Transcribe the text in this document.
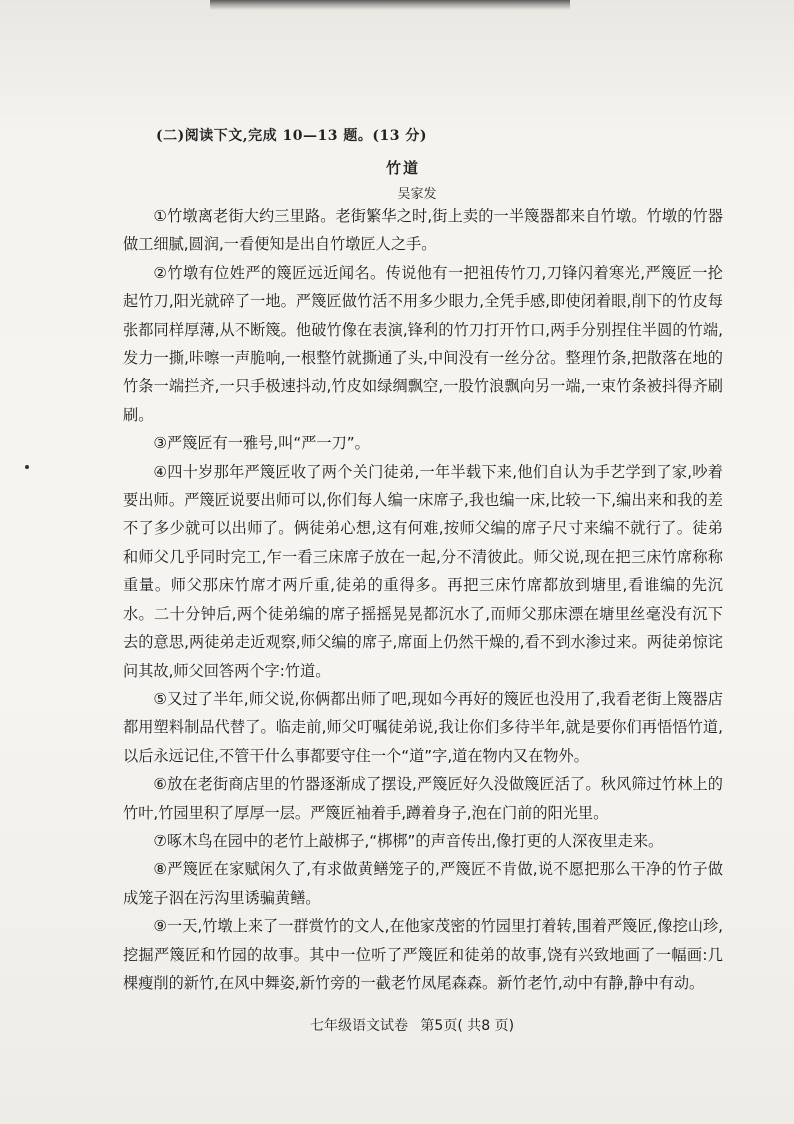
(二)阅读下文,完成 10—13 题。(13 分)
竹道
吴家发

①竹墩离老街大约三里路。老街繁华之时,街上卖的一半篾器都来自竹墩。竹墩的竹器做工细腻,圆润,一看便知是出自竹墩匠人之手。

②竹墩有位姓严的篾匠远近闻名。传说他有一把祖传竹刀,刀锋闪着寒光,严篾匠一抡起竹刀,阳光就碎了一地。严篾匠做竹活不用多少眼力,全凭手感,即使闭着眼,削下的竹皮每张都同样厚薄,从不断篾。他破竹像在表演,锋利的竹刀打开竹口,两手分别捏住半圆的竹端,发力一撕,咔嚓一声脆响,一根整竹就撕通了头,中间没有一丝分岔。整理竹条,把散落在地的竹条一端拦齐,一只手极速抖动,竹皮如绿绸飘空,一股竹浪飘向另一端,一束竹条被抖得齐刷刷。

③严篾匠有一雅号,叫“严一刀”。

④四十岁那年严篾匠收了两个关门徒弟,一年半载下来,他们自认为手艺学到了家,吵着要出师。严篾匠说要出师可以,你们每人编一床席子,我也编一床,比较一下,编出来和我的差不了多少就可以出师了。俩徒弟心想,这有何难,按师父编的席子尺寸来编不就行了。徒弟和师父几乎同时完工,乍一看三床席子放在一起,分不清彼此。师父说,现在把三床竹席称称重量。师父那床竹席才两斤重,徒弟的重得多。再把三床竹席都放到塘里,看谁编的先沉水。二十分钟后,两个徒弟编的席子摇摇晃晃都沉水了,而师父那床漂在塘里丝毫没有沉下去的意思,两徒弟走近观察,师父编的席子,席面上仍然干燥的,看不到水渗过来。两徒弟惊诧问其故,师父回答两个字:竹道。

⑤又过了半年,师父说,你俩都出师了吧,现如今再好的篾匠也没用了,我看老街上篾器店都用塑料制品代替了。临走前,师父叮嘱徒弟说,我让你们多待半年,就是要你们再悟悟竹道,以后永远记住,不管干什么事都要守住一个“道”字,道在物内又在物外。

⑥放在老街商店里的竹器逐渐成了摆设,严篾匠好久没做篾匠活了。秋风筛过竹林上的竹叶,竹园里积了厚厚一层。严篾匠袖着手,蹲着身子,泡在门前的阳光里。

⑦啄木鸟在园中的老竹上敲梆子,“梆梆”的声音传出,像打更的人深夜里走来。

⑧严篾匠在家赋闲久了,有求做黄鳝笼子的,严篾匠不肯做,说不愿把那么干净的竹子做成笼子泅在污沟里诱骗黄鳝。

⑨一天,竹墩上来了一群赏竹的文人,在他家茂密的竹园里打着转,围着严篾匠,像挖山珍,挖掘严篾匠和竹园的故事。其中一位听了严篾匠和徒弟的故事,饶有兴致地画了一幅画:几棵瘦削的新竹,在风中舞姿,新竹旁的一截老竹凤尾森森。新竹老竹,动中有静,静中有动。

七年级语文试卷 第5页( 共8 页)
